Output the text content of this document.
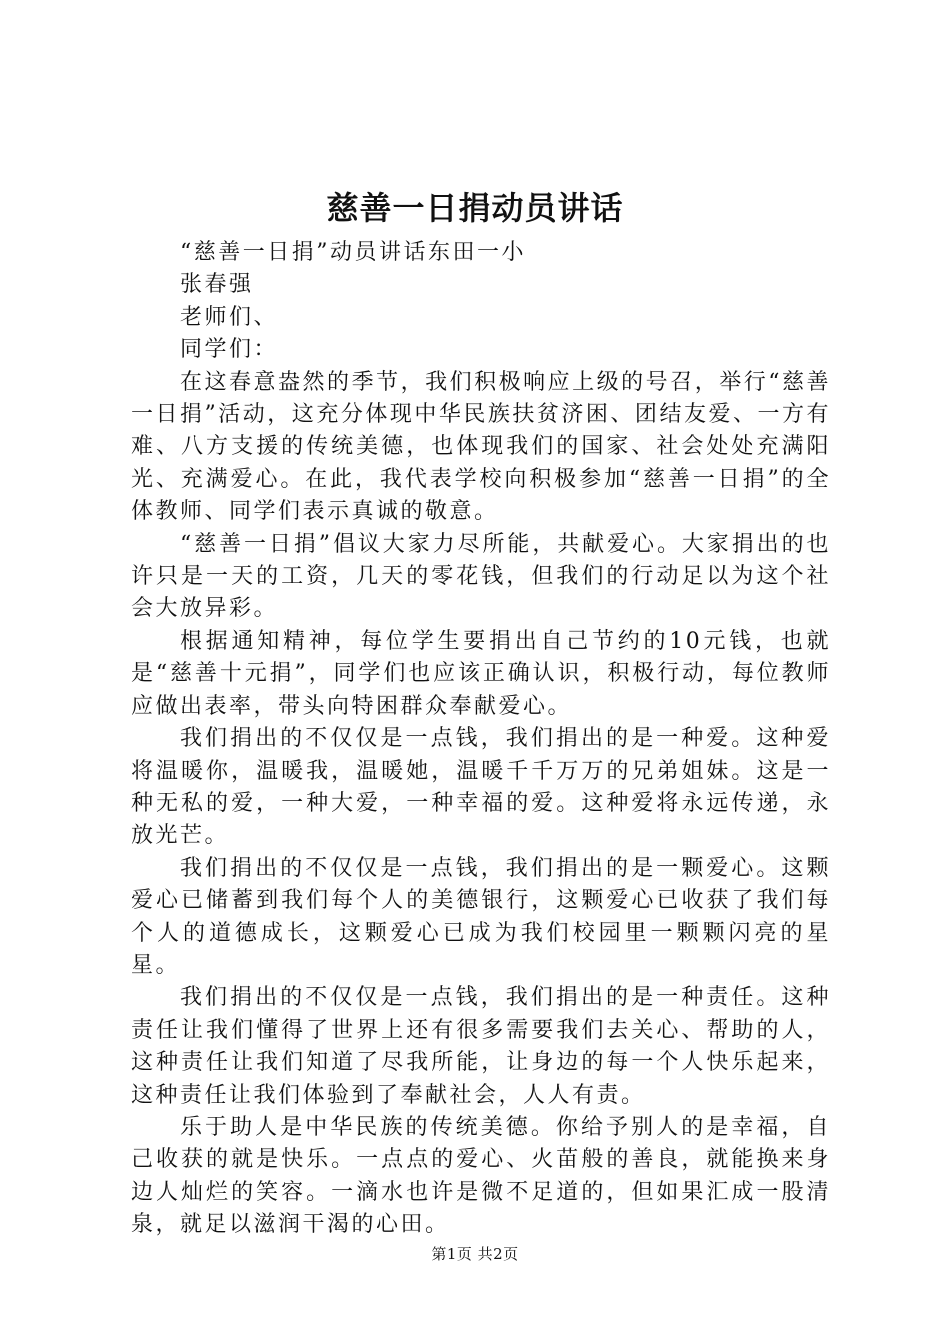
慈善一日捐动员讲话

“慈善一日捐”动员讲话东田一小

张春强

老师们、

同学们：

在这春意盎然的季节，我们积极响应上级的号召，举行“慈善一日捐”活动，这充分体现中华民族扶贫济困、团结友爱、一方有难、八方支援的传统美德，也体现我们的国家、社会处处充满阳光、充满爱心。在此，我代表学校向积极参加“慈善一日捐”的全体教师、同学们表示真诚的敬意。

“慈善一日捐”倡议大家力尽所能，共献爱心。大家捐出的也许只是一天的工资，几天的零花钱，但我们的行动足以为这个社会大放异彩。

根据通知精神，每位学生要捐出自己节约的10元钱，也就是“慈善十元捐”，同学们也应该正确认识，积极行动，每位教师应做出表率，带头向特困群众奉献爱心。

我们捐出的不仅仅是一点钱，我们捐出的是一种爱。这种爱将温暖你，温暖我，温暖她，温暖千千万万的兄弟姐妹。这是一种无私的爱，一种大爱，一种幸福的爱。这种爱将永远传递，永放光芒。

我们捐出的不仅仅是一点钱，我们捐出的是一颗爱心。这颗爱心已储蓄到我们每个人的美德银行，这颗爱心已收获了我们每个人的道德成长，这颗爱心已成为我们校园里一颗颗闪亮的星星。

我们捐出的不仅仅是一点钱，我们捐出的是一种责任。这种责任让我们懂得了世界上还有很多需要我们去关心、帮助的人，这种责任让我们知道了尽我所能，让身边的每一个人快乐起来，这种责任让我们体验到了奉献社会，人人有责。

乐于助人是中华民族的传统美德。你给予别人的是幸福，自己收获的就是快乐。一点点的爱心、火苗般的善良，就能换来身边人灿烂的笑容。一滴水也许是微不足道的，但如果汇成一股清泉，就足以滋润干渴的心田。

第1页 共2页
